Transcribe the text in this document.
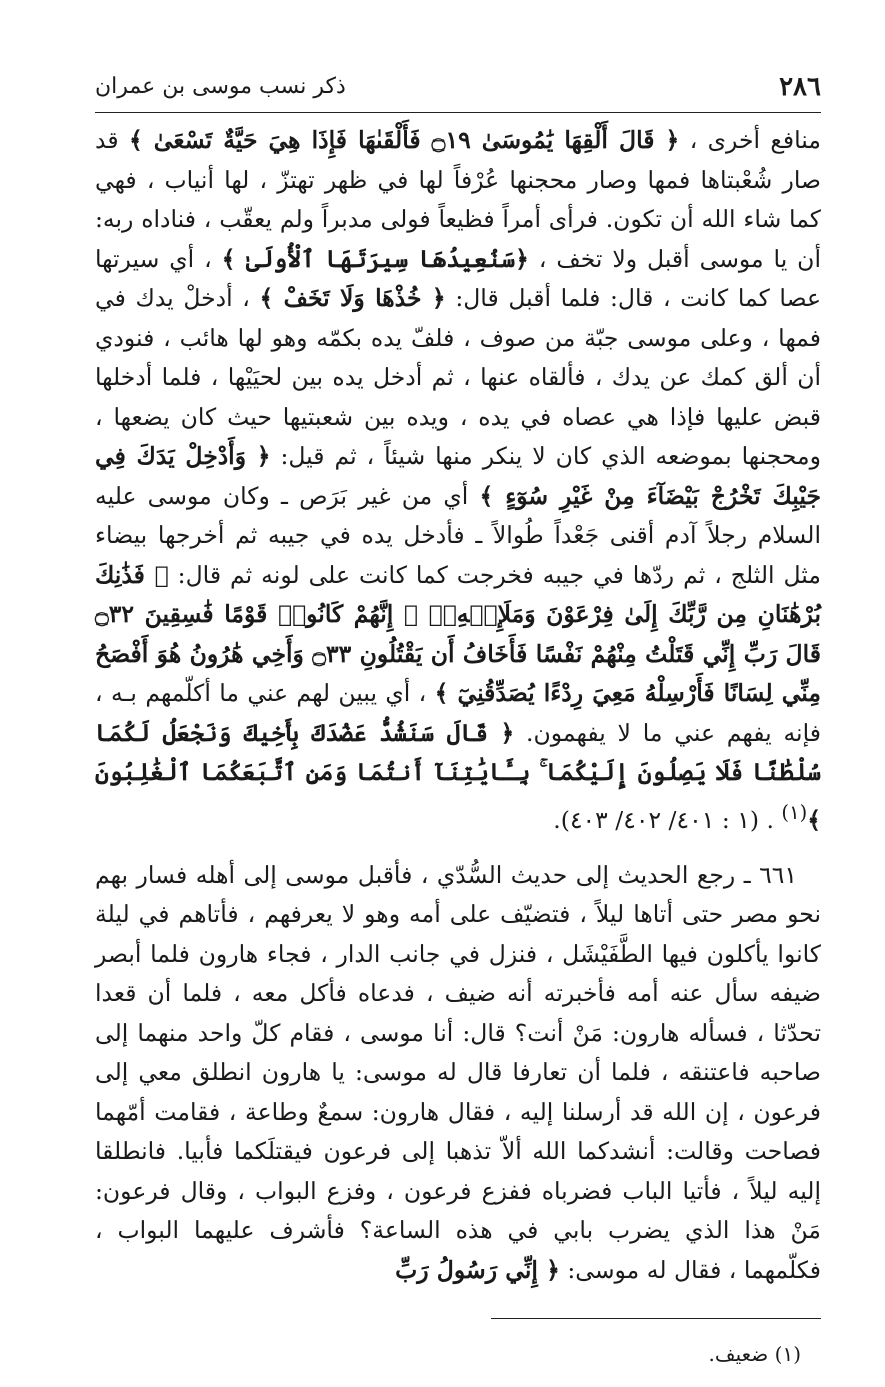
٢٨٦
ذكر نسب موسى بن عمران

منافع أخرى ، ﴿ قَالَ أَلْقِهَا يَٰمُوسَىٰ ۝١٩ فَأَلْقَىٰهَا فَإِذَا هِيَ حَيَّةٌ تَسْعَىٰ ﴾ قد صار شُعْبتاها فمها وصار محجنها عُرْفاً لها في ظهر تهتزّ ، لها أنياب ، فهي كما شاء الله أن تكون. فرأى أمراً فظيعاً فولى مدبراً ولم يعقّب ، فناداه ربه: أن يا موسى أقبل ولا تخف ، ﴿سَنُعِيدُهَا سِيرَتَهَا ٱلْأُولَىٰ ﴾ ، أي سيرتها عصا كما كانت ، قال: فلما أقبل قال: ﴿ خُذْهَا وَلَا تَخَفْ ﴾ ، أدخلْ يدك في فمها ، وعلى موسى جبّة من صوف ، فلفّ يده بكمّه وهو لها هائب ، فنودي أن ألق كمك عن يدك ، فألقاه عنها ، ثم أدخل يده بين لحيَيْها ، فلما أدخلها قبض عليها فإذا هي عصاه في يده ، ويده بين شعبتيها حيث كان يضعها ، ومحجنها بموضعه الذي كان لا ينكر منها شيئاً ، ثم قيل: ﴿ وَأَدْخِلْ يَدَكَ فِي جَيْبِكَ تَخْرُجْ بَيْضَآءَ مِنْ غَيْرِ سُوٓءٍ ﴾ أي من غير بَرَص ـ وكان موسى عليه السلام رجلاً آدم أقنى جَعْداً طُوالاً ـ فأدخل يده في جيبه ثم أخرجها بيضاء مثل الثلج ، ثم ردّها في جيبه فخرجت كما كانت على لونه ثم قال: ﴿ فَذَٰنِكَ بُرْهَٰنَانِ مِن رَّبِّكَ إِلَىٰ فِرْعَوْنَ وَمَلَإِي۟هِۦٓ ۚ إِنَّهُمْ كَانُوا۟ قَوْمًا فَٰسِقِينَ ۝٣٢ قَالَ رَبِّ إِنِّي قَتَلْتُ مِنْهُمْ نَفْسًا فَأَخَافُ أَن يَقْتُلُونِ ۝٣٣ وَأَخِي هَٰرُونُ هُوَ أَفْصَحُ مِنِّي لِسَانًا فَأَرْسِلْهُ مَعِيَ رِدْءًا يُصَدِّقُنِيٓ ﴾ ، أي يبين لهم عني ما أكلّمهم بـه ، فإنه يفهم عني ما لا يفهمون. ﴿ قَالَ سَنَشُدُّ عَضُدَكَ بِأَخِيكَ وَنَجْعَلُ لَكُمَا سُلْطَٰنًا فَلَا يَصِلُونَ إِلَيْكُمَا ۚ بِـَٔايَٰتِنَآ أَنتُمَا وَمَنِ ٱتَّبَعَكُمَا ٱلْغَٰلِبُونَ ﴾$^{(١)}$ . (١ : ٤٠١/ ٤٠٢/ ٤٠٣).

٦٦١ ـ رجع الحديث إلى حديث السُّدّي ، فأقبل موسى إلى أهله فسار بهم نحو مصر حتى أتاها ليلاً ، فتضيّف على أمه وهو لا يعرفهم ، فأتاهم في ليلة كانوا يأكلون فيها الطَّفَيْشَل ، فنزل في جانب الدار ، فجاء هارون فلما أبصر ضيفه سأل عنه أمه فأخبرته أنه ضيف ، فدعاه فأكل معه ، فلما أن قعدا تحدّثا ، فسأله هارون: مَنْ أنت؟ قال: أنا موسى ، فقام كلّ واحد منهما إلى صاحبه فاعتنقه ، فلما أن تعارفا قال له موسى: يا هارون انطلق معي إلى فرعون ، إن الله قد أرسلنا إليه ، فقال هارون: سمعٌ وطاعة ، فقامت أمّهما فصاحت وقالت: أنشدكما الله ألاّ تذهبا إلى فرعون فيقتلَكما فأبيا. فانطلقا إليه ليلاً ، فأتيا الباب فضرباه ففزع فرعون ، وفزع البواب ، وقال فرعون: مَنْ هذا الذي يضرب بابي في هذه الساعة؟ فأشرف عليهما البواب ، فكلّمهما ، فقال له موسى: ﴿ إِنِّي رَسُولُ رَبِّ

(١) ضعيف.
